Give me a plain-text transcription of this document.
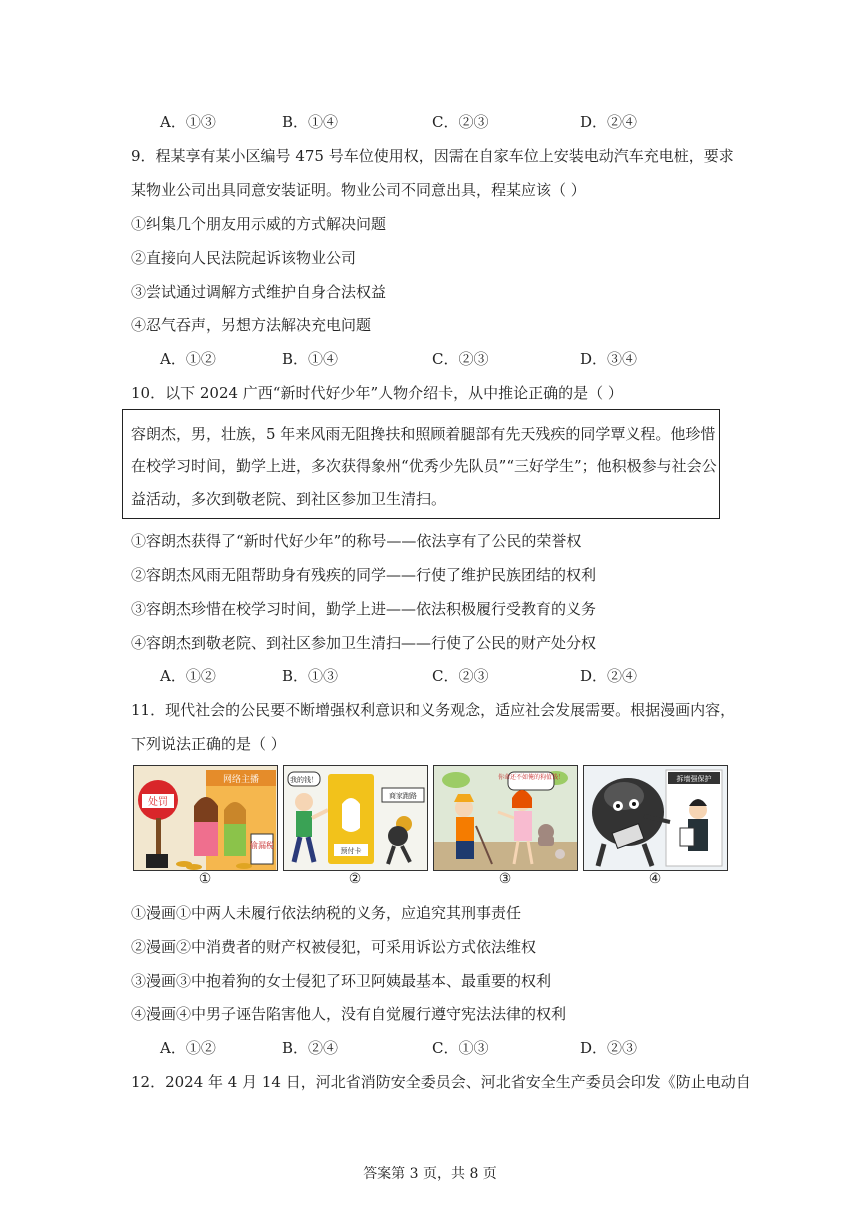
A．①③	B．①④	C．②③	D．②④
9．程某享有某小区编号 475 号车位使用权，因需在自家车位上安装电动汽车充电桩，要求
某物业公司出具同意安装证明。物业公司不同意出具，程某应该（ ）
①纠集几个朋友用示威的方式解决问题
②直接向人民法院起诉该物业公司
③尝试通过调解方式维护自身合法权益
④忍气吞声，另想方法解决充电问题
A．①②	B．①④	C．②③	D．③④
10．以下 2024 广西“新时代好少年”人物介绍卡，从中推论正确的是（ ）
容朗杰，男，壮族，5 年来风雨无阻搀扶和照顾着腿部有先天残疾的同学覃义程。他珍惜
在校学习时间，勤学上进，多次获得象州“优秀少先队员”“三好学生”；他积极参与社会公
益活动，多次到敬老院、到社区参加卫生清扫。
①容朗杰获得了“新时代好少年”的称号——依法享有了公民的荣誉权
②容朗杰风雨无阻帮助身有残疾的同学——行使了维护民族团结的权利
③容朗杰珍惜在校学习时间，勤学上进——依法积极履行受教育的义务
④容朗杰到敬老院、到社区参加卫生清扫——行使了公民的财产处分权
A．①②	B．①③	C．②③	D．②④
11．现代社会的公民要不断增强权利意识和义务观念，适应社会发展需要。根据漫画内容，
下列说法正确的是（ ）
网络主播
处罚
偷漏税
我的钱！
预付卡
商家跑路
你命还不如俺的狗值钱！	拆墙强保护
①	②	③	④
①漫画①中两人未履行依法纳税的义务，应追究其刑事责任
②漫画②中消费者的财产权被侵犯，可采用诉讼方式依法维权
③漫画③中抱着狗的女士侵犯了环卫阿姨最基本、最重要的权利
④漫画④中男子诬告陷害他人，没有自觉履行遵守宪法法律的权利
A．①②	B．②④	C．①③	D．②③
12．2024 年 4 月 14 日，河北省消防安全委员会、河北省安全生产委员会印发《防止电动自
答案第 3 页，共 8 页
